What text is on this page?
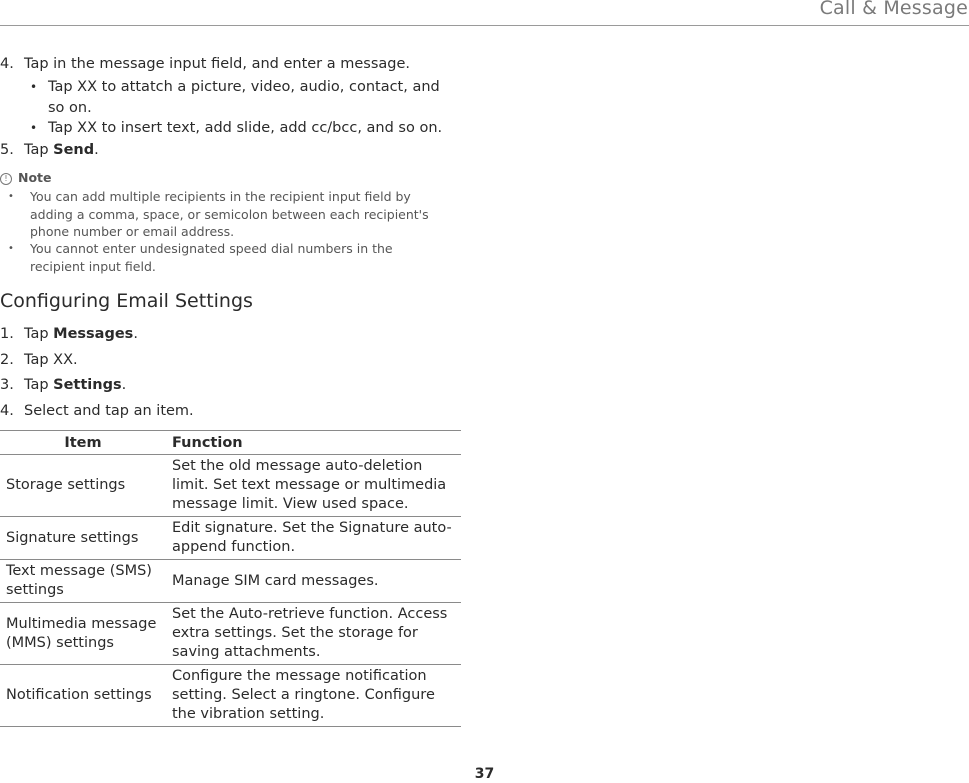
Call & Message
4. Tap in the message input field, and enter a message.
• Tap XX to attatch a picture, video, audio, contact, and so on.
• Tap XX to insert text, add slide, add cc/bcc, and so on.
5. Tap Send.
! Note
• You can add multiple recipients in the recipient input field by adding a comma, space, or semicolon between each recipient's phone number or email address.
• You cannot enter undesignated speed dial numbers in the recipient input field.
Configuring Email Settings
1. Tap Messages.
2. Tap XX.
3. Tap Settings.
4. Select and tap an item.
Item	Function
Storage settings	Set the old message auto-deletion limit. Set text message or multimedia message limit. View used space.
Signature settings	Edit signature. Set the Signature auto-append function.
Text message (SMS) settings	Manage SIM card messages.
Multimedia message (MMS) settings	Set the Auto-retrieve function. Access extra settings. Set the storage for saving attachments.
Notification settings	Configure the message notification setting. Select a ringtone. Configure the vibration setting.
37
